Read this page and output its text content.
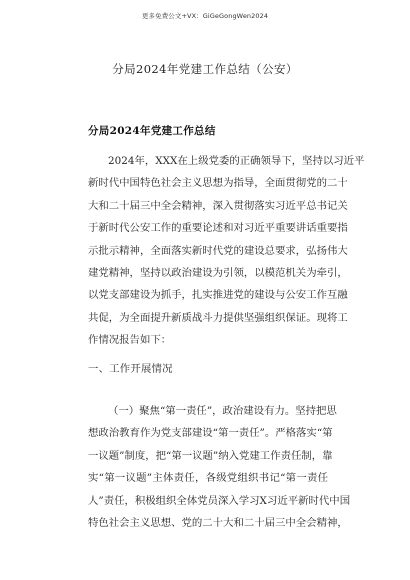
更多免费公文+VX：GiGeGongWen2024
分局2024年党建工作总结（公安）
分局2024年党建工作总结
2024年，XXX在上级党委的正确领导下，坚持以习近平
新时代中国特色社会主义思想为指导，全面贯彻党的二十
大和二十届三中全会精神，深入贯彻落实习近平总书记关
于新时代公安工作的重要论述和对习近平重要讲话重要指
示批示精神，全面落实新时代党的建设总要求，弘扬伟大
建党精神，坚持以政治建设为引领，以模范机关为牵引，
以党支部建设为抓手，扎实推进党的建设与公安工作互融
共促，为全面提升新质战斗力提供坚强组织保证。现将工
作情况报告如下：
一、工作开展情况
（一）聚焦“第一责任”，政治建设有力。坚持把思
想政治教育作为党支部建设“第一责任”。严格落实“第
一议题”制度，把“第一议题”纳入党建工作责任制，靠
实“第一议题”主体责任，各级党组织书记“第一责任
人”责任，积极组织全体党员深入学习X习近平新时代中国
特色社会主义思想、党的二十大和二十届三中全会精神，
